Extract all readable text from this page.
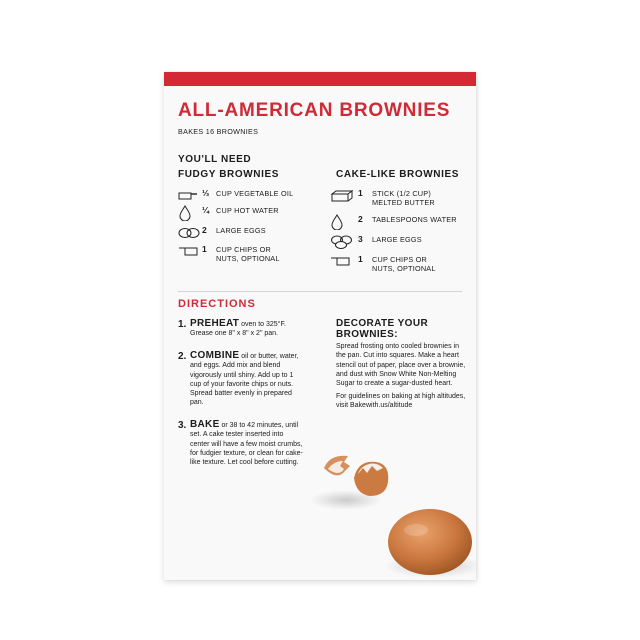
ALL-AMERICAN BROWNIES
BAKES 16 BROWNIES
YOU'LL NEED
FUDGY BROWNIES
⅓ CUP VEGETABLE OIL
¼ CUP HOT WATER
2	LARGE EGGS
1	CUP CHIPS OR NUTS, OPTIONAL
CAKE-LIKE BROWNIES
1	STICK (1/2 CUP) MELTED BUTTER
2	TABLESPOONS WATER
3	LARGE EGGS
1	CUP CHIPS OR NUTS, OPTIONAL
DIRECTIONS
1. PREHEAT oven to 325°F. Grease one 8" x 8" x 2" pan.
2. COMBINE oil or butter, water, and eggs. Add mix and blend vigorously until shiny. Add up to 1 cup of your favorite chips or nuts. Spread batter evenly in prepared pan.
3. BAKE or 38 to 42 minutes, until set. A cake tester inserted into center will have a few moist crumbs, for fudgier texture, or clean for cake-like texture. Let cool before cutting.
DECORATE YOUR BROWNIES:
Spread frosting onto cooled brownies in the pan. Cut into squares. Make a heart stencil out of paper, place over a brownie, and dust with Snow White Non-Melting Sugar to create a sugar-dusted heart.
For guidelines on baking at high altitudes, visit Bakewith.us/altitude
